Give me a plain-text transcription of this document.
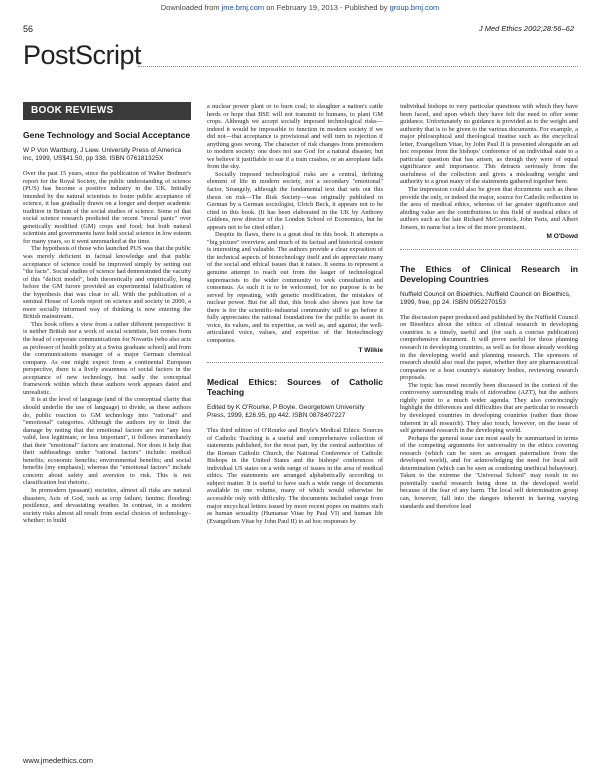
Downloaded from jme.bmj.com on February 19, 2013 - Published by group.bmj.com
56	J Med Ethics 2002;28:56–62
PostScript
BOOK REVIEWS
Gene Technology and Social Acceptance
W P Von Wartburg, J Liew. University Press of America Inc, 1999, US$41.50, pp 338. ISBN 076181325X

Over the past 15 years, since the publication of Walter Bodmer's report for the Royal Society, the public understanding of science (PUS) has become a positive industry in the UK. Initially intended by the natural scientists to foster public acceptance of science, it has gradually drawn on a longer and deeper academic tradition in Britain of the social studies of science. Some of that social science research predicted the recent "moral panic" over genetically modified (GM) crops and food; but both natural scientists and governments have held social science in low esteem for many years, so it went unremarked at the time.

The hypothesis of those who launched PUS was that the public was merely deficient in factual knowledge and that public acceptance of science could be improved simply by setting out "the facts". Social studies of science had demonstrated the vacuity of this "deficit model", both theoretically and empirically, long before the GM furore provided an experimental falsification of the hypothesis that was clear to all. With the publication of a seminal House of Lords report on science and society in 2000, a more socially informed way of thinking is now entering the British mainstream.

This book offers a view from a rather different perspective: it is neither British nor a work of social scientists, but comes from the head of corporate communications for Novartis (who also acts as professor of health policy at a Swiss graduate school) and from the communications manager of a major German chemical company. As one might expect from a continental European perspective, there is a lively awareness of social factors in the acceptance of new technology, but sadly the conceptual framework within which these authors work appears dated and unrealistic.

It is at the level of language (and of the conceptual clarity that should underlie the use of language) to divide, as these authors do, public reaction to GM technology into "rational" and "emotional" categories. Although the authors try to limit the damage by noting that the emotional factors are not "any less valid, less legitimate, or less important", it follows immediately that their "emotional" factors are irrational. Nor does it help that their subheadings under "rational factors" include: medical benefits; economic benefits; environmental benefits; and social benefits [my emphasis]; whereas the "emotional factors" include concern about safety and aversion to risk. This is not classification but rhetoric.

In premodern (peasant) societies, almost all risks are natural disasters, Acts of God, such as crop failure; famine; flooding; pestilence, and devastating weather. In contrast, in a modern society risks almost all result from social choices of technology–whether: to build

a nuclear power plant or to burn coal; to slaughter a nation's cattle herds or hope that BSE will not transmit to humans, to plant GM crops. Although we accept socially imposed technological risks—indeed it would be impossible to function in modern society if we did not—that acceptance is provisional and will turn to rejection if anything goes wrong. The character of risk changes from premodern to modern society: one does not sue God for a natural disaster, but we believe it justifiable to sue if a train crashes, or an aeroplane falls from the sky.

Socially imposed technological risks are a central, defining element of life in modern society, not a secondary "emotional" factor. Strangely, although the fundamental text that sets out this thesis on risk—The Risk Society—was originally published in German by a German sociologist, Ulrich Beck, it appears not to be cited in this book. (It has been elaborated in the UK by Anthony Giddens, now director of the London School of Economics, but he appears not to be cited either.)

Despite its flaws, there is a great deal in this book. It attempts a "big picture" overview, and much of its factual and historical content is interesting and valuable. The authors provide a clear exposition of the technical aspects of biotechnology itself and do appreciate many of the social and ethical issues that it raises. It seems to represent a genuine attempt to reach out from the laager of technological supremacists to the wider community to seek consultation and consensus. As such it is to be welcomed, for no purpose is to be served by repeating, with genetic modification, the mistakes of nuclear power. But for all that, this book also shows just how far there is for the scientific-industrial community still to go before it fully appreciates the rational foundations for the public to assert its voice, its values, and its expertise, as well as, and against, the well-articulated voice, values, and expertise of the biotechnology companies.

T Wilkie
Medical Ethics: Sources of Catholic Teaching
Edited by K O'Rourke, P Boyle. Georgetown University Press, 1999, £26.95, pp 442. ISBN 0878407227

This third edition of O'Rourke and Boyle's Medical Ethics: Sources of Catholic Teaching is a useful and comprehensive collection of statements published, for the most part, by the central authorities of the Roman Catholic Church, the National Conference of Catholic Bishops in the United States and the bishops' conferences of individual US states on a wide range of issues in the area of medical ethics. The statements are arranged alphabetically according to subject matter. It is useful to have such a wide range of documents available in one volume, many of which would otherwise be accessible only with difficulty. The documents included range from major encyclical letters issued by more recent popes on matters such as human sexuality (Humanae Vitae by Paul VI) and human life (Evangelium Vitae by John Paul II) to ad hoc responses by

individual bishops to very particular questions with which they have been faced, and upon which they have felt the need to offer some guidance. Unfortunately no guidance is provided as to the weight and authority that is to be given to the various documents. For example, a major philosophical and theological treatise such as the encyclical letter, Evangelium Vitae, by John Paul II is presented alongside an ad hoc response from the bishops' conference of an individual state to a particular question that has arisen, as though they were of equal significance and importance. This detracts seriously from the usefulness of the collection and gives a misleading weight and authority to a great many of the statements gathered together here.

The impression could also be given that documents such as these provide the only, or indeed the major, source for Catholic reflection in the area of medical ethics, whereas of far greater significance and abiding value are the contributions to this field of medical ethics of authors such as the late Richard McCormick, John Paris, and Albert Jonsen, to name but a few of the more prominent.

M O'Dowd
The Ethics of Clinical Research in Developing Countries
Nuffield Council on Bioethics. Nuffield Council on Bioethics, 1999, free, pp 24. ISBN 0952270153

The discussion paper produced and published by the Nuffield Council on Bioethics about the ethics of clinical research in developing countries is a timely, useful and (for such a concise publication) comprehensive document. It will prove useful for those planning research in developing countries, as well as for those already working in the developing world and planning research. The sponsors of research should also read the paper, whether they are pharmaceutical companies or a host country's statutory bodies, reviewing research proposals.

The topic has most recently been discussed in the context of the controversy surrounding trials of zidovudine (AZT), but the authors rightly point to a much wider agenda. They also convincingly highlight the differences and difficulties that are particular to research by developed countries in developing countries (rather than those inherent in all research). They also touch, however, on the issue of self generated research in the developing world.

Perhaps the general issue can most easily be summarised in terms of the competing arguments for universality in the ethics covering research (which can be seen as arrogant paternalism from the developed world), and for acknowledging the need for local self determination (which can be seen as condoning unethical behaviour). Taken to the extreme the "Universal School" may result in no potentially useful research being done in the developed world because of the fear of any harm. The local self determination group can, however, fall into the dangers inherent in having varying standards and therefore lead

www.jmedethics.com
